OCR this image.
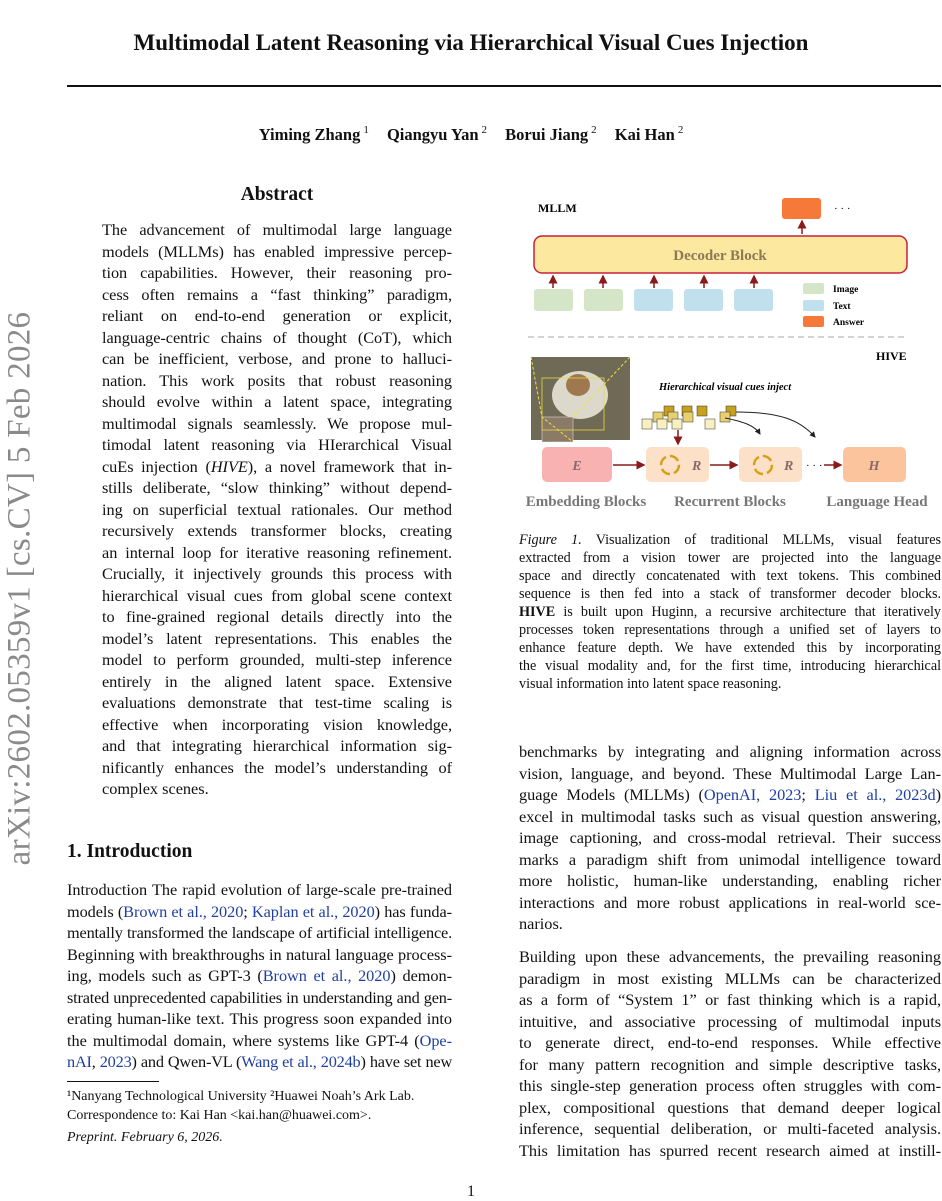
Multimodal Latent Reasoning via Hierarchical Visual Cues Injection
Yiming Zhang $^1$ Qiangyu Yan $^2$ Borui Jiang $^2$ Kai Han $^2$
arXiv:2602.05359v1 [cs.CV] 5 Feb 2026
Abstract
The advancement of multimodal large language
models (MLLMs) has enabled impressive percep-
tion capabilities. However, their reasoning pro-
cess often remains a “fast thinking” paradigm,
reliant on end-to-end generation or explicit,
language-centric chains of thought (CoT), which
can be inefficient, verbose, and prone to halluci-
nation. This work posits that robust reasoning
should evolve within a latent space, integrating
multimodal signals seamlessly. We propose mul-
timodal latent reasoning via HIerarchical Visual
cuEs injection (HIVE), a novel framework that in-
stills deliberate, “slow thinking” without depend-
ing on superficial textual rationales. Our method
recursively extends transformer blocks, creating
an internal loop for iterative reasoning refinement.
Crucially, it injectively grounds this process with
hierarchical visual cues from global scene context
to fine-grained regional details directly into the
model’s latent representations. This enables the
model to perform grounded, multi-step inference
entirely in the aligned latent space. Extensive
evaluations demonstrate that test-time scaling is
effective when incorporating vision knowledge,
and that integrating hierarchical information sig-
nificantly enhances the model’s understanding of
complex scenes.
1. Introduction
Introduction The rapid evolution of large-scale pre-trained
models (Brown et al., 2020; Kaplan et al., 2020) has funda-
mentally transformed the landscape of artificial intelligence.
Beginning with breakthroughs in natural language process-
ing, models such as GPT-3 (Brown et al., 2020) demon-
strated unprecedented capabilities in understanding and gen-
erating human-like text. This progress soon expanded into
the multimodal domain, where systems like GPT-4 (Ope-
nAI, 2023) and Qwen-VL (Wang et al., 2024b) have set new
¹Nanyang Technological University ²Huawei Noah’s Ark Lab.
Correspondence to: Kai Han <kai.han@huawei.com>.
Preprint. February 6, 2026.
MLLM	· · ·
Decoder Block
Image
Text
Answer
HIVE
Hierarchical visual cues inject
E	R	R · · ·	H
Embedding Blocks Recurrent Blocks	Language Head
Figure 1. Visualization of traditional MLLMs, visual features
extracted from a vision tower are projected into the language
space and directly concatenated with text tokens. This combined
sequence is then fed into a stack of transformer decoder blocks.
HIVE is built upon Huginn, a recursive architecture that iteratively
processes token representations through a unified set of layers to
enhance feature depth. We have extended this by incorporating
the visual modality and, for the first time, introducing hierarchical
visual information into latent space reasoning.
benchmarks by integrating and aligning information across
vision, language, and beyond. These Multimodal Large Lan-
guage Models (MLLMs) (OpenAI, 2023; Liu et al., 2023d)
excel in multimodal tasks such as visual question answering,
image captioning, and cross-modal retrieval. Their success
marks a paradigm shift from unimodal intelligence toward
more holistic, human-like understanding, enabling richer
interactions and more robust applications in real-world sce-
narios.
Building upon these advancements, the prevailing reasoning
paradigm in most existing MLLMs can be characterized
as a form of “System 1” or fast thinking which is a rapid,
intuitive, and associative processing of multimodal inputs
to generate direct, end-to-end responses. While effective
for many pattern recognition and simple descriptive tasks,
this single-step generation process often struggles with com-
plex, compositional questions that demand deeper logical
inference, sequential deliberation, or multi-faceted analysis.
This limitation has spurred recent research aimed at instill-
1
